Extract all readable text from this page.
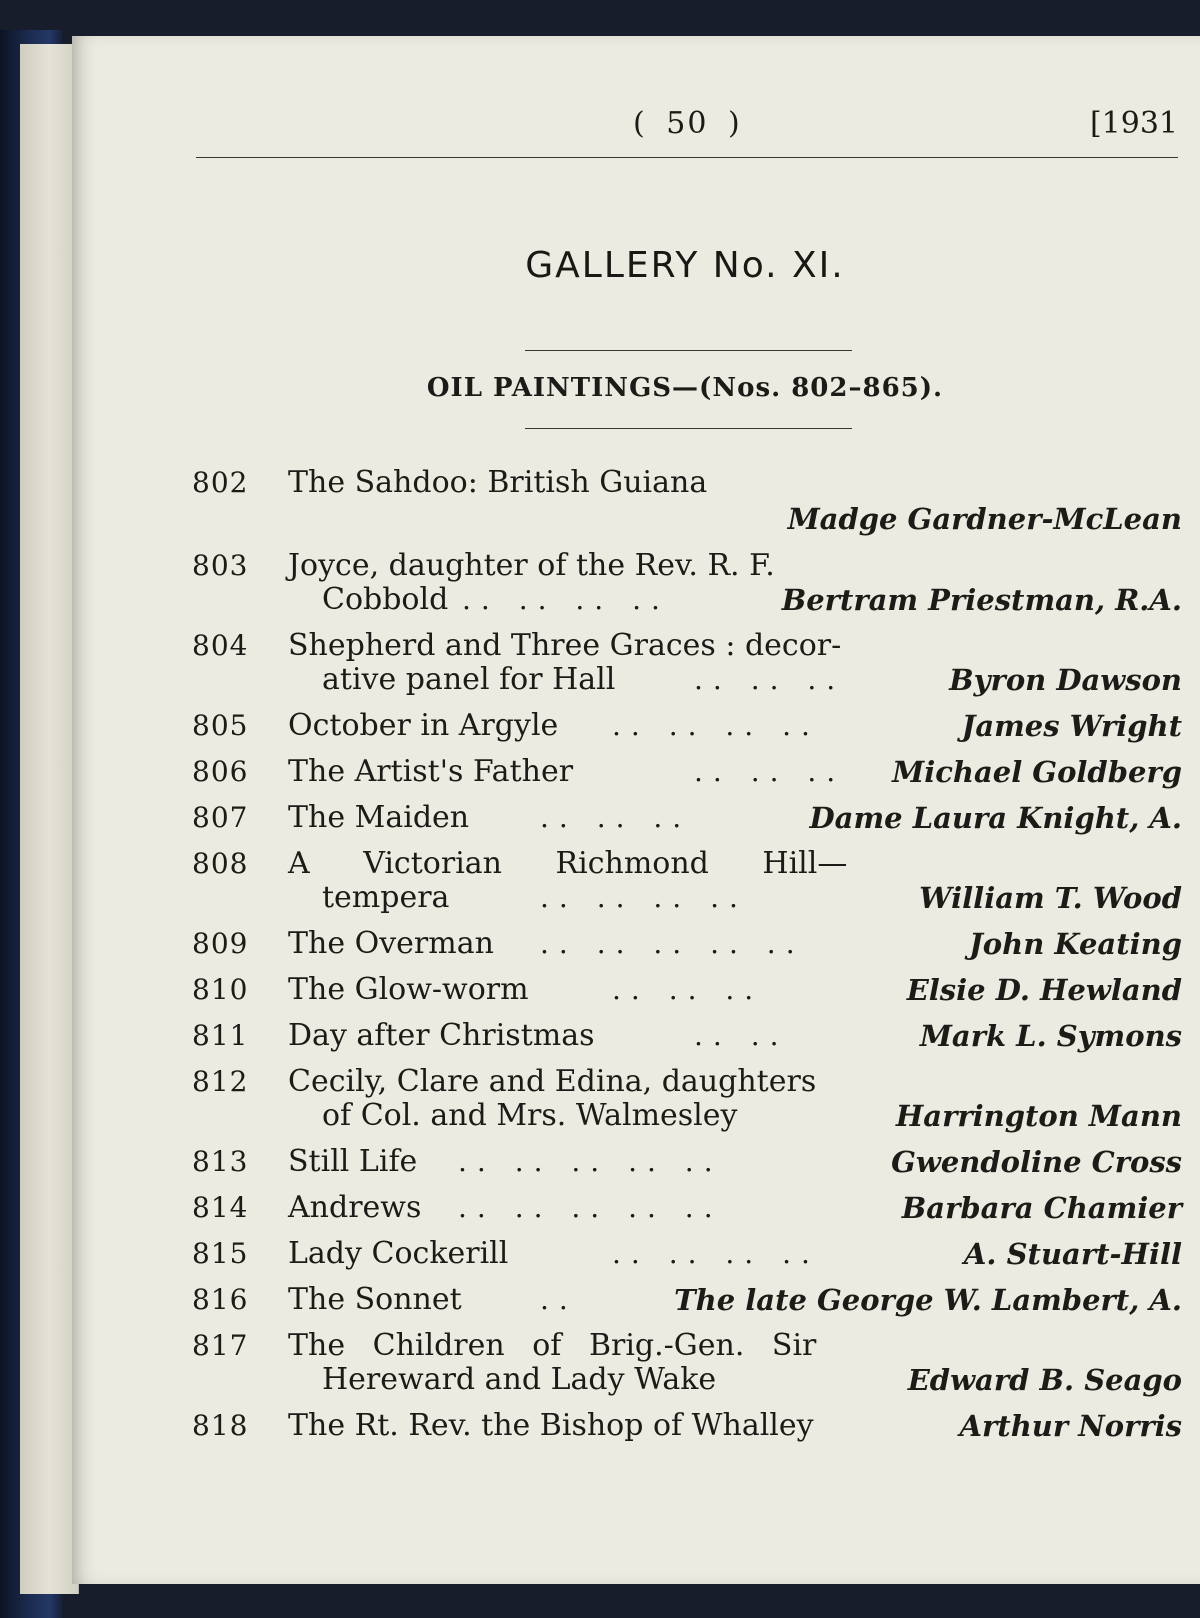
( 50 )	[1931
GALLERY No. XI.
OIL PAINTINGS—(Nos. 802–865).
802 The Sahdoo: British Guiana
Madge Gardner-McLean
803 Joyce, daughter of the Rev. R. F.
Cobbold .. .. .. ..	Bertram Priestman, R.A.
804 Shepherd and Three Graces : decor-
ative panel for Hall	.. .. ..	Byron Dawson
805 October in Argyle .. .. .. ..	James Wright
806 The Artist's Father	.. .. .. Michael Goldberg
807 The Maiden	.. .. ..	Dame Laura Knight, A.
808 A Victorian Richmond Hill—
tempera	.. .. .. ..	William T. Wood
809 The Overman .. .. .. .. ..	John Keating
810 The Glow-worm	.. .. ..	Elsie D. Hewland
811 Day after Christmas	.. ..	Mark L. Symons
812 Cecily, Clare and Edina, daughters
of Col. and Mrs. Walmesley	Harrington Mann
813 Still Life .. .. .. .. ..	Gwendoline Cross
814 Andrews .. .. .. .. ..	Barbara Chamier
815 Lady Cockerill	.. .. .. ..	A. Stuart-Hill
816 The Sonnet	..	The late George W. Lambert, A.
817 The Children of Brig.-Gen. Sir
Hereward and Lady Wake	Edward B. Seago
818 The Rt. Rev. the Bishop of Whalley	Arthur Norris
